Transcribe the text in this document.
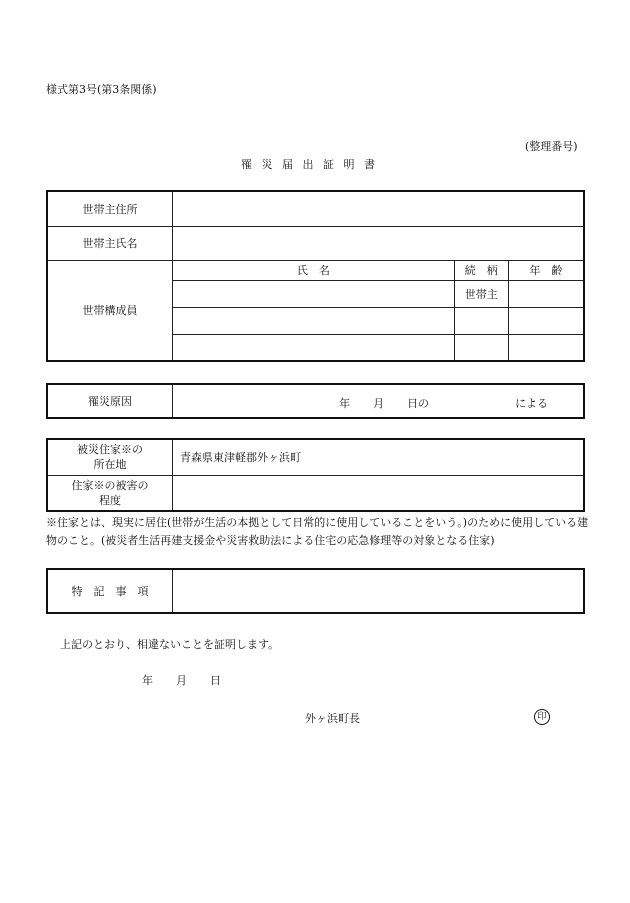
様式第3号(第3条関係)
(整理番号)
罹 災 届 出 証 明 書
世帯主住所			
世帯主氏名			
世帯構成員	氏　名	続　柄	年　齢
		世帯主	

罹災原因	年 月 日の	による
被災住家※の
所在地	青森県東津軽郡外ヶ浜町

住家※の被害の
程度	

※住家とは、現実に居住(世帯が生活の本拠として日常的に使用していることをいう。)のために使用している建物のこと。(被災者生活再建支援金や災害救助法による住宅の応急修理等の対象となる住家)
特　記　事　項	
上記のとおり、相違ないことを証明します。
年 月 日
外ヶ浜町長	印
